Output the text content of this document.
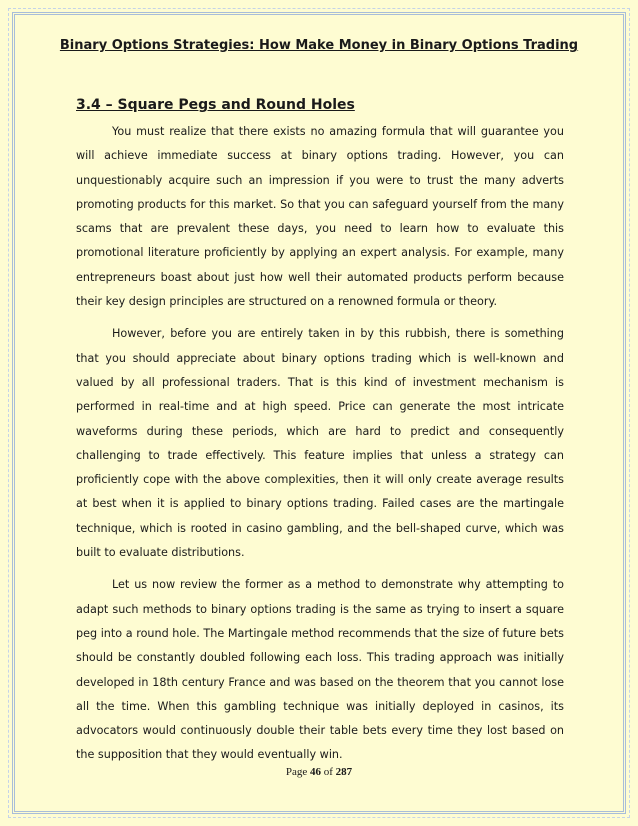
Binary Options Strategies: How Make Money in Binary Options Trading
3.4 – Square Pegs and Round Holes

You must realize that there exists no amazing formula that will guarantee you will achieve immediate success at binary options trading. However, you can unquestionably acquire such an impression if you were to trust the many adverts promoting products for this market. So that you can safeguard yourself from the many scams that are prevalent these days, you need to learn how to evaluate this promotional literature proficiently by applying an expert analysis. For example, many entrepreneurs boast about just how well their automated products perform because their key design principles are structured on a renowned formula or theory.

However, before you are entirely taken in by this rubbish, there is something that you should appreciate about binary options trading which is well-known and valued by all professional traders. That is this kind of investment mechanism is performed in real-time and at high speed. Price can generate the most intricate waveforms during these periods, which are hard to predict and consequently challenging to trade effectively. This feature implies that unless a strategy can proficiently cope with the above complexities, then it will only create average results at best when it is applied to binary options trading. Failed cases are the martingale technique, which is rooted in casino gambling, and the bell-shaped curve, which was built to evaluate distributions.

Let us now review the former as a method to demonstrate why attempting to adapt such methods to binary options trading is the same as trying to insert a square peg into a round hole. The Martingale method recommends that the size of future bets should be constantly doubled following each loss. This trading approach was initially developed in 18th century France and was based on the theorem that you cannot lose all the time. When this gambling technique was initially deployed in casinos, its advocators would continuously double their table bets every time they lost based on the supposition that they would eventually win.

Page 46 of 287
